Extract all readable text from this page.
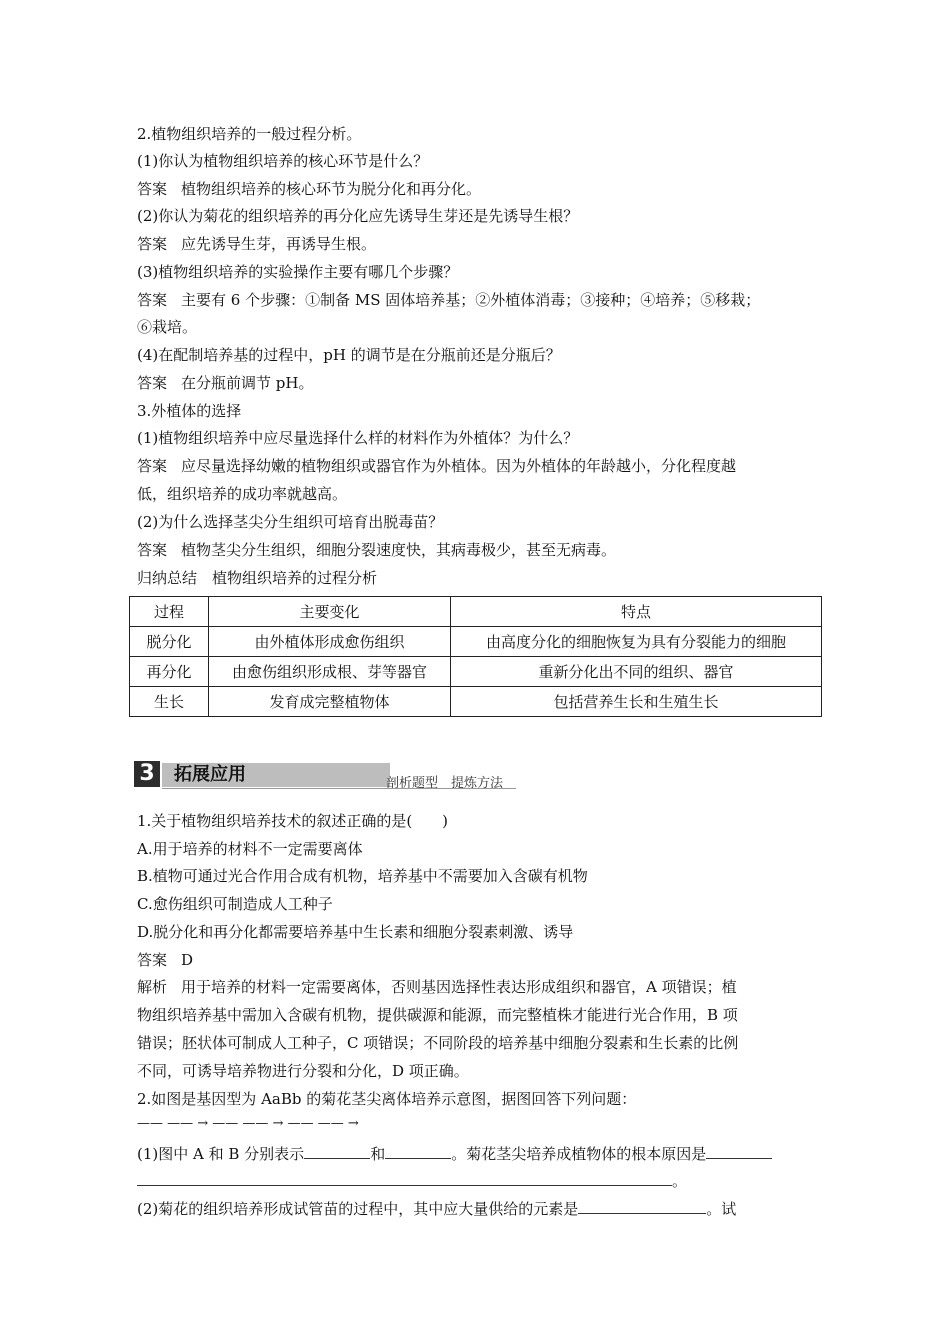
2.植物组织培养的一般过程分析。
(1)你认为植物组织培养的核心环节是什么？
答案 植物组织培养的核心环节为脱分化和再分化。
(2)你认为菊花的组织培养的再分化应先诱导生芽还是先诱导生根？
答案 应先诱导生芽，再诱导生根。
(3)植物组织培养的实验操作主要有哪几个步骤？
答案 主要有 6 个步骤：①制备 MS 固体培养基；②外植体消毒；③接种；④培养；⑤移栽；
⑥栽培。
(4)在配制培养基的过程中，pH 的调节是在分瓶前还是分瓶后？
答案 在分瓶前调节 pH。
3.外植体的选择
(1)植物组织培养中应尽量选择什么样的材料作为外植体？为什么？
答案 应尽量选择幼嫩的植物组织或器官作为外植体。因为外植体的年龄越小，分化程度越
低，组织培养的成功率就越高。
(2)为什么选择茎尖分生组织可培育出脱毒苗？
答案 植物茎尖分生组织，细胞分裂速度快，其病毒极少，甚至无病毒。
归纳总结　植物组织培养的过程分析
过程	主要变化	特点
脱分化	由外植体形成愈伤组织	由高度分化的细胞恢复为具有分裂能力的细胞
再分化	由愈伤组织形成根、芽等器官	重新分化出不同的组织、器官
生长	发育成完整植物体	包括营养生长和生殖生长
3 拓展应用	剖析题型　提炼方法
1.关于植物组织培养技术的叙述正确的是(　　)
A.用于培养的材料不一定需要离体
B.植物可通过光合作用合成有机物，培养基中不需要加入含碳有机物
C.愈伤组织可制造成人工种子
D.脱分化和再分化都需要培养基中生长素和细胞分裂素刺激、诱导
答案 D
解析 用于培养的材料一定需要离体，否则基因选择性表达形成组织和器官，A 项错误；植
物组织培养基中需加入含碳有机物，提供碳源和能源，而完整植株才能进行光合作用，B 项
错误；胚状体可制成人工种子，C 项错误；不同阶段的培养基中细胞分裂素和生长素的比例
不同，可诱导培养物进行分裂和分化，D 项正确。
2.如图是基因型为 AaBb 的菊花茎尖离体培养示意图，据图回答下列问题：
—— —— → —— —— → —— —— →
(1)图中 A 和 B 分别表示	和	。菊花茎尖培养成植物体的根本原因是
。
(2)菊花的组织培养形成试管苗的过程中，其中应大量供给的元素是	。试
